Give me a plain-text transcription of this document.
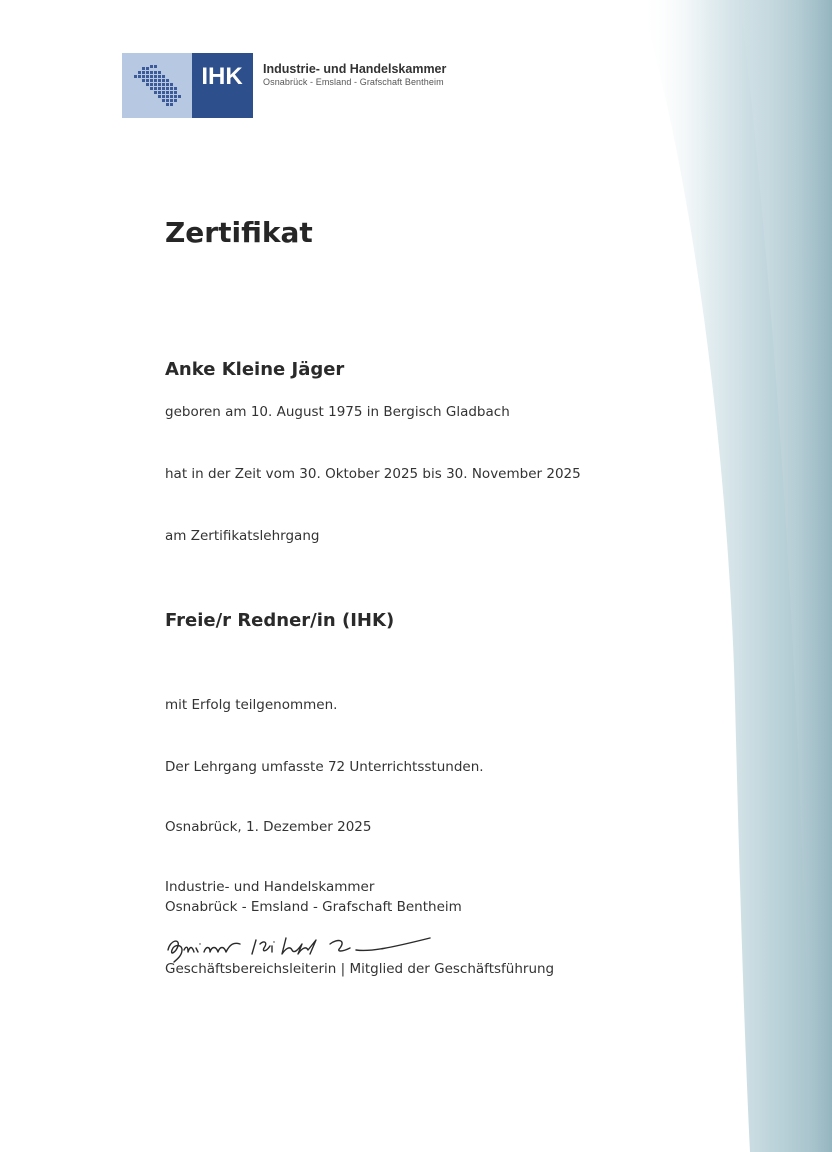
IHK Industrie- und Handelskammer
Osnabrück - Emsland - Grafschaft Bentheim
Zertifikat
Anke Kleine Jäger
geboren am 10. August 1975 in Bergisch Gladbach
hat in der Zeit vom 30. Oktober 2025 bis 30. November 2025
am Zertifikatslehrgang
Freie/r Redner/in (IHK)
mit Erfolg teilgenommen.
Der Lehrgang umfasste 72 Unterrichtsstunden.
Osnabrück, 1. Dezember 2025
Industrie- und Handelskammer
Osnabrück - Emsland - Grafschaft Bentheim
Geschäftsbereichsleiterin | Mitglied der Geschäftsführung
